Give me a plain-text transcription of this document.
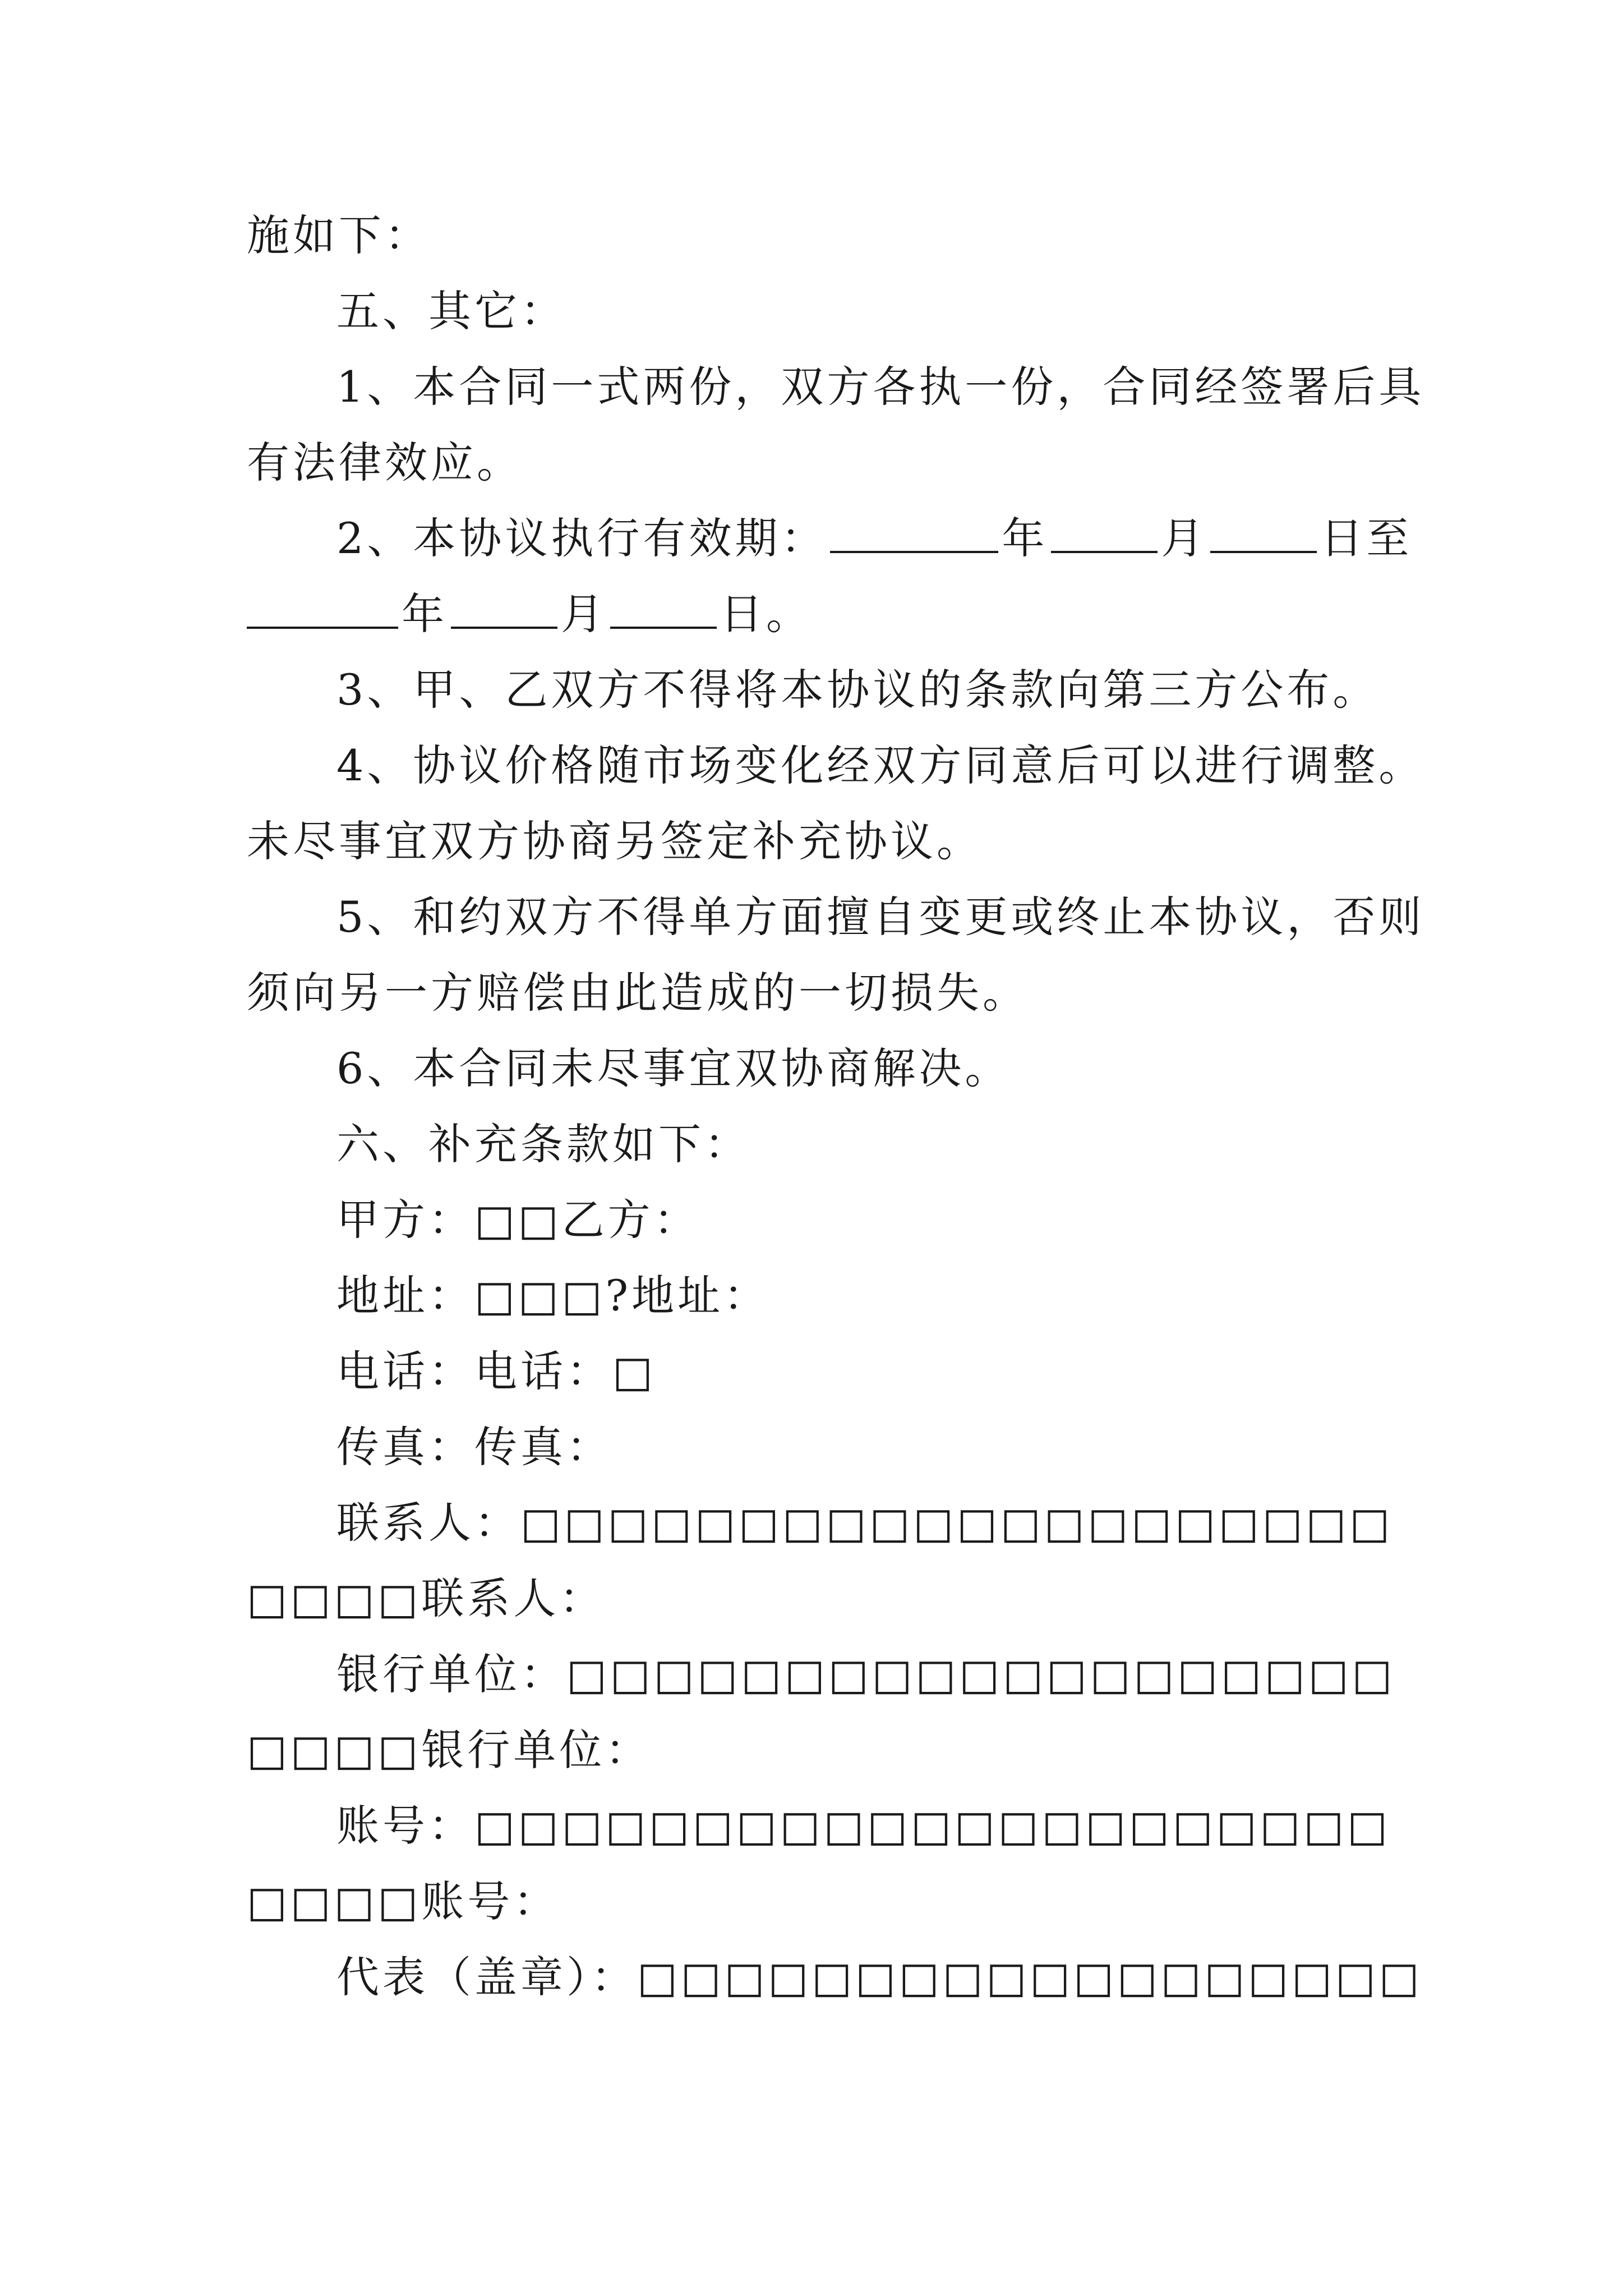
施如下：
五、其它：
1、本合同一式两份，双方各执一份，合同经签署后具
有法律效应。
2、本协议执行有效期：	年	月	日至
年	月	日。
3、甲、乙双方不得将本协议的条款向第三方公布。
4、协议价格随市场变化经双方同意后可以进行调整。
未尽事宜双方协商另签定补充协议。
5、和约双方不得单方面擅自变更或终止本协议，否则
须向另一方赔偿由此造成的一切损失。
6、本合同未尽事宜双协商解决。
六、补充条款如下：
甲方：□□乙方：
地址：□□□?地址：
电话：电话：□
传真：传真：
联系人：□□□□□□□□□□□□□□□□□□□□
□□□□联系人：
银行单位：□□□□□□□□□□□□□□□□□□□
□□□□银行单位：
账号：□□□□□□□□□□□□□□□□□□□□□
□□□□账号：
代表（盖章）：□□□□□□□□□□□□□□□□□□
